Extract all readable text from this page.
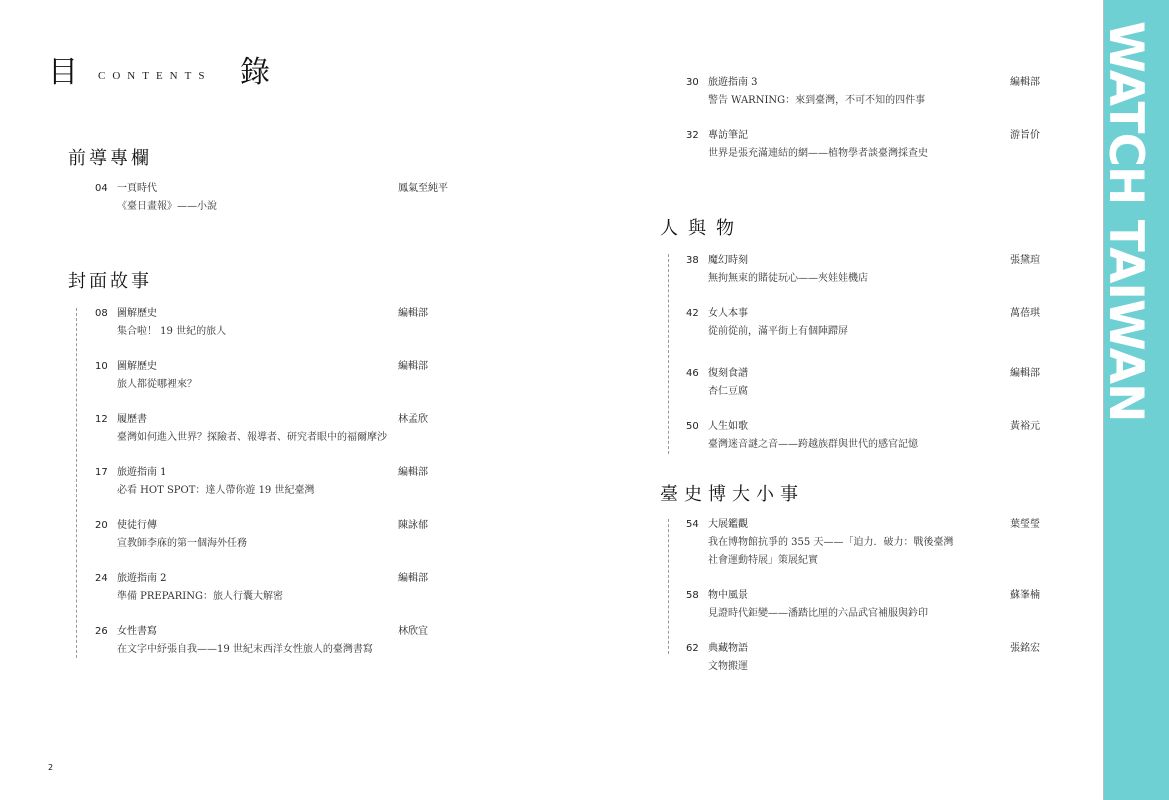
目 CONTENTS 錄
前導專欄
04 一頁時代	鳳氣至純平
《臺日畫報》——小說
封面故事
08 圖解歷史	編輯部
集合啦！ 19 世紀的旅人
10 圖解歷史	編輯部
旅人都從哪裡來？
12 履歷書	林孟欣
臺灣如何進入世界？探險者、報導者、研究者眼中的福爾摩沙
17 旅遊指南 1	編輯部
必看 HOT SPOT：達人帶你遊 19 世紀臺灣
20 使徒行傳	陳詠郁
宣教師李庥的第一個海外任務
24 旅遊指南 2	編輯部
準備 PREPARING：旅人行囊大解密
26 女性書寫	林欣宜
在文字中紓張自我——19 世紀末西洋女性旅人的臺灣書寫
30 旅遊指南 3	編輯部
警告 WARNING：來到臺灣，不可不知的四件事
32 專訪筆記	游旨价
世界是張充滿連結的網——植物學者談臺灣採查史
人與物
38 魔幻時刻	張黛瑄
無拘無束的賭徒玩心——夾娃娃機店
42 女人本事	萬蓓琪
從前從前，滿平街上有個陣蹛屏
46 復刻食譜	編輯部
杏仁豆腐
50 人生如歌	黃裕元
臺灣迷音謎之音——跨越族群與世代的感官記憶
臺史博大小事
54 大展鑑觀	葉瑩瑩
我在博物館抗爭的 355 天——「迫力．破力：戰後臺灣
社會運動特展」策展紀實
58 物中風景	蘇峯楠
見證時代鉅變——潘踏比厘的六品武官補服與鈐印
62 典藏物語	張銘宏
文物搬運
2
WATCH TAIWAN
